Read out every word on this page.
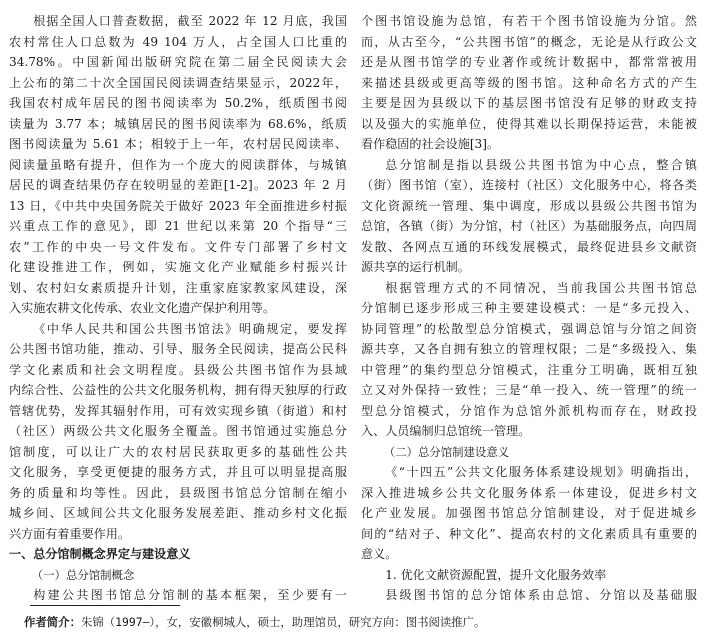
根据全国人口普查数据，截至 2022 年 12 月底，我国
农村常住人口总数为 49 104 万人，占全国人口比重的
34.78%。中国新闻出版研究院在第二届全民阅读大会
上公布的第二十次全国国民阅读调查结果显示，2022年，
我国农村成年居民的图书阅读率为 50.2%，纸质图书阅
读量为 3.77 本；城镇居民的图书阅读率为 68.6%，纸质
图书阅读量为 5.61 本；相较于上一年，农村居民阅读率、
阅读量虽略有提升，但作为一个庞大的阅读群体，与城镇
居民的调查结果仍存在较明显的差距[1-2]。2023 年 2 月
13 日，《中共中央国务院关于做好 2023 年全面推进乡村振
兴重点工作的意见》，即 21 世纪以来第 20 个指导“三
农”工作的中央一号文件发布。文件专门部署了乡村文
化建设推进工作，例如，实施文化产业赋能乡村振兴计
划、农村妇女素质提升计划，注重家庭家教家风建设，深
入实施农耕文化传承、农业文化遗产保护利用等。
《中华人民共和国公共图书馆法》明确规定，要发挥
公共图书馆功能，推动、引导、服务全民阅读，提高公民科
学文化素质和社会文明程度。县级公共图书馆作为县域
内综合性、公益性的公共文化服务机构，拥有得天独厚的行政
管辖优势，发挥其辐射作用，可有效实现乡镇（街道）和村
（社区）两级公共文化服务全覆盖。图书馆通过实施总分
馆制度，可以让广大的农村居民获取更多的基础性公共
文化服务，享受更便捷的服务方式，并且可以明显提高服
务的质量和均等性。因此，县级图书馆总分馆制在缩小
城乡间、区域间公共文化服务发展差距、推动乡村文化振
兴方面有着重要作用。
一、总分馆制概念界定与建设意义
（一）总分馆制概念
构建公共图书馆总分馆制的基本框架，至少要有一
个图书馆设施为总馆，有若干个图书馆设施为分馆。然
而，从古至今，“公共图书馆”的概念，无论是从行政公文
还是从图书馆学的专业著作或统计数据中，都常常被用
来描述县级或更高等级的图书馆。这种命名方式的产生
主要是因为县级以下的基层图书馆没有足够的财政支持
以及强大的实施单位，使得其难以长期保持运营，未能被
看作稳固的社会设施[3]。
总分馆制是指以县级公共图书馆为中心点，整合镇
（街）图书馆（室），连接村（社区）文化服务中心，将各类
文化资源统一管理、集中调度，形成以县级公共图书馆为
总馆，各镇（街）为分馆，村（社区）为基础服务点，向四周
发散、各网点互通的环线发展模式，最终促进县乡文献资
源共享的运行机制。
根据管理方式的不同情况，当前我国公共图书馆总
分馆制已逐步形成三种主要建设模式：一是“多元投入、
协同管理”的松散型总分馆模式，强调总馆与分馆之间资
源共享，又各自拥有独立的管理权限；二是“多级投入、集
中管理”的集约型总分馆模式，注重分工明确，既相互独
立又对外保持一致性；三是“单一投入、统一管理”的统一
型总分馆模式，分馆作为总馆外派机构而存在，财政投
入、人员编制归总馆统一管理。
（二）总分馆制建设意义
《“十四五”公共文化服务体系建设规划》明确指出，
深入推进城乡公共文化服务体系一体建设，促进乡村文
化产业发展。加强图书馆总分馆制建设，对于促进城乡
间的“结对子、种文化”、提高农村的文化素质具有重要的
意义。
1. 优化文献资源配置，提升文化服务效率
县级图书馆的总分馆体系由总馆、分馆以及基础服
作者简介：朱锦（1997—），女，安徽桐城人，硕士，助理馆员，研究方向：图书阅读推广。
